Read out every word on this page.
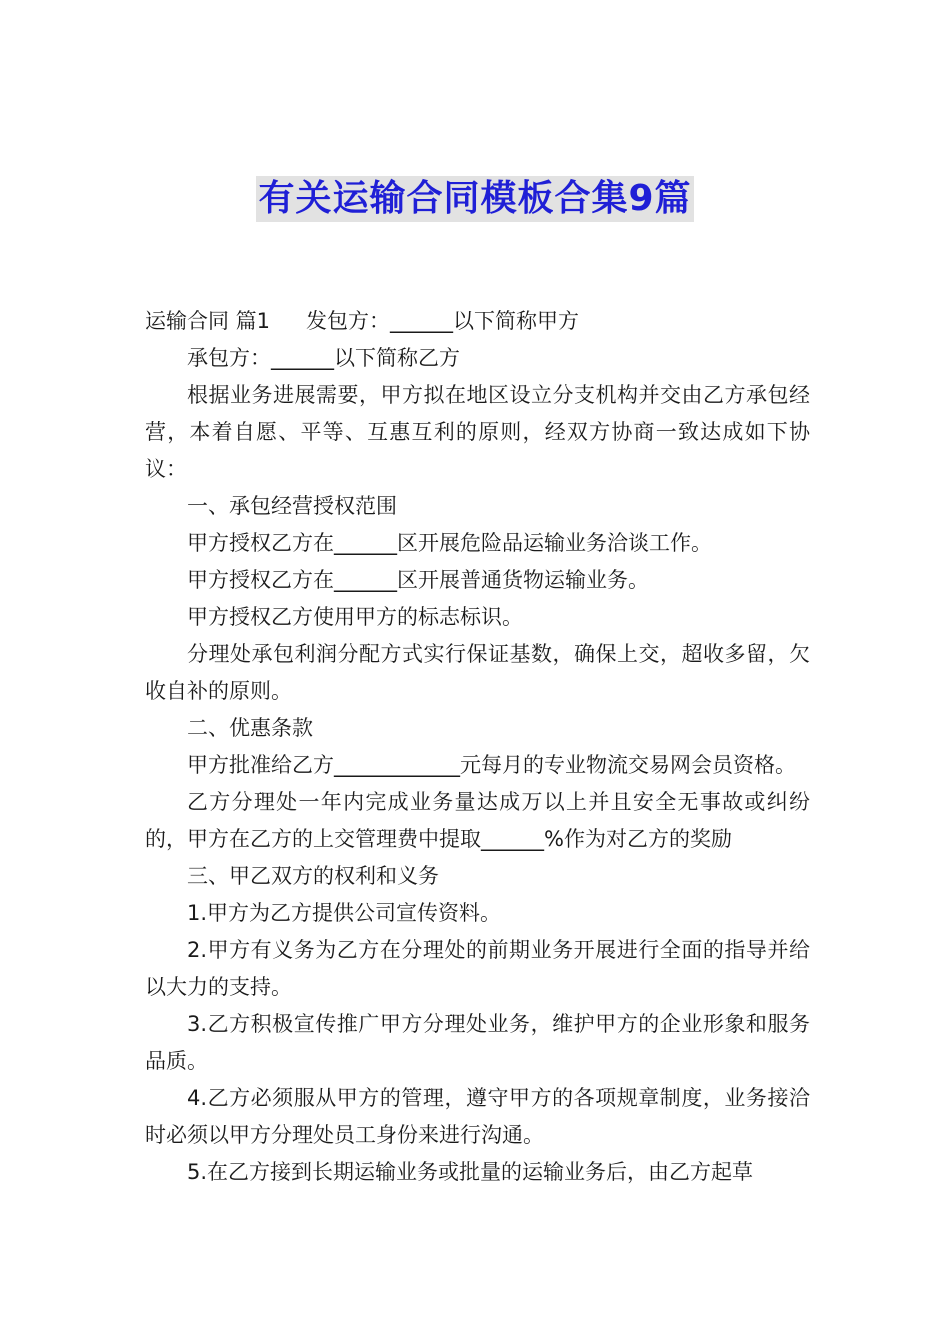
有关运输合同模板合集9篇

运输合同 篇1 发包方：______以下简称甲方

承包方：______以下简称乙方

根据业务进展需要，甲方拟在地区设立分支机构并交由乙方承包经营，本着自愿、平等、互惠互利的原则，经双方协商一致达成如下协议：

一、承包经营授权范围

甲方授权乙方在______区开展危险品运输业务洽谈工作。

甲方授权乙方在______区开展普通货物运输业务。

甲方授权乙方使用甲方的标志标识。

分理处承包利润分配方式实行保证基数，确保上交，超收多留，欠收自补的原则。

二、优惠条款

甲方批准给乙方____________元每月的专业物流交易网会员资格。

乙方分理处一年内完成业务量达成万以上并且安全无事故或纠纷的，甲方在乙方的上交管理费中提取______%作为对乙方的奖励

三、甲乙双方的权利和义务

1.甲方为乙方提供公司宣传资料。

2.甲方有义务为乙方在分理处的前期业务开展进行全面的指导并给以大力的支持。

3.乙方积极宣传推广甲方分理处业务，维护甲方的企业形象和服务品质。

4.乙方必须服从甲方的管理，遵守甲方的各项规章制度，业务接洽时必须以甲方分理处员工身份来进行沟通。

5.在乙方接到长期运输业务或批量的运输业务后，由乙方起草
